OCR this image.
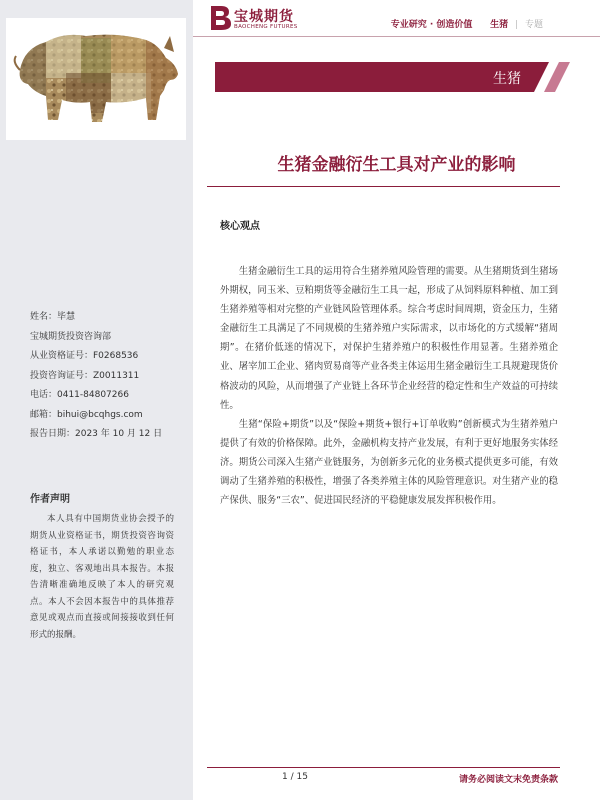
姓名：毕慧
宝城期货投资咨询部
从业资格证号：F0268536
投资咨询证号：Z0011311
电话：0411-84807266
邮箱：bihui@bcqhgs.com
报告日期：2023 年 10 月 12 日
作者声明
本人具有中国期货业协会授予的期货从业资格证书，期货投资咨询资格证书，本人承诺以勤勉的职业态度，独立、客观地出具本报告。本报告清晰准确地反映了本人的研究观点。本人不会因本报告中的具体推荐意见或观点而直接或间接接收到任何形式的报酬。
宝城期货
BAOCHENG FUTURES	专业研究 · 创造价值 生猪 | 专题
生猪
生猪金融衍生工具对产业的影响
核心观点

生猪金融衍生工具的运用符合生猪养殖风险管理的需要。从生猪期货到生猪场外期权，同玉米、豆粕期货等金融衍生工具一起，形成了从饲料原料种植、加工到生猪养殖等相对完整的产业链风险管理体系。综合考虑时间周期，资金压力，生猪金融衍生工具满足了不同规模的生猪养殖户实际需求，以市场化的方式缓解“猪周期”。在猪价低迷的情况下，对保护生猪养殖户的积极性作用显著。生猪养殖企业、屠宰加工企业、猪肉贸易商等产业各类主体运用生猪金融衍生工具规避现货价格波动的风险，从而增强了产业链上各环节企业经营的稳定性和生产效益的可持续性。

生猪“保险+期货”以及“保险+期货+银行+订单收购”创新模式为生猪养殖户提供了有效的价格保障。此外，金融机构支持产业发展，有利于更好地服务实体经济。期货公司深入生猪产业链服务，为创新多元化的业务模式提供更多可能，有效调动了生猪养殖的积极性，增强了各类养殖主体的风险管理意识。对生猪产业的稳产保供、服务“三农”、促进国民经济的平稳健康发展发挥积极作用。

1 / 15	请务必阅读文末免责条款
